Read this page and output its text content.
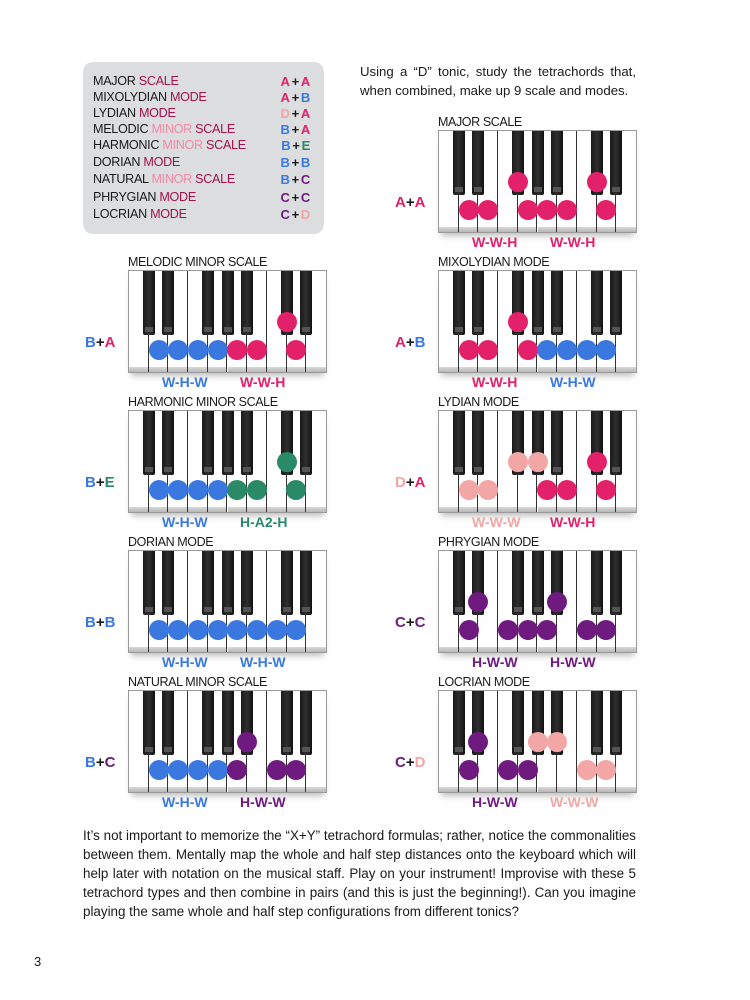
MAJOR SCALE	A + A
MIXOLYDIAN MODE	A + B
LYDIAN MODE	D + A
MELODIC MINOR SCALE	B + A
HARMONIC MINOR SCALE	B + E
DORIAN MODE	B + B
NATURAL MINOR SCALE	B + C
PHRYGIAN MODE	C + C
LOCRIAN MODE	C + D
Using a “D” tonic, study the tetrachords that, when combined, make up 9 scale and modes.
MAJOR SCALE
A+A
W-W-H W-W-H
MELODIC MINOR SCALE
B+A
W-H-W W-W-H
MIXOLYDIAN MODE
A+B
W-W-H W-H-W
HARMONIC MINOR SCALE
B+E
W-H-W H-A2-H
LYDIAN MODE
D+A
W-W-W W-W-H
DORIAN MODE
B+B
W-H-W W-H-W
PHRYGIAN MODE
C+C
H-W-W H-W-W
NATURAL MINOR SCALE
B+C
W-H-W H-W-W
LOCRIAN MODE
C+D
H-W-W W-W-W
It’s not important to memorize the “X+Y” tetrachord formulas; rather, notice the commonalities between them. Mentally map the whole and half step distances onto the keyboard which will help later with notation on the musical staff. Play on your instrument! Improvise with these 5 tetrachord types and then combine in pairs (and this is just the beginning!). Can you imagine playing the same whole and half step configurations from different tonics?
3
